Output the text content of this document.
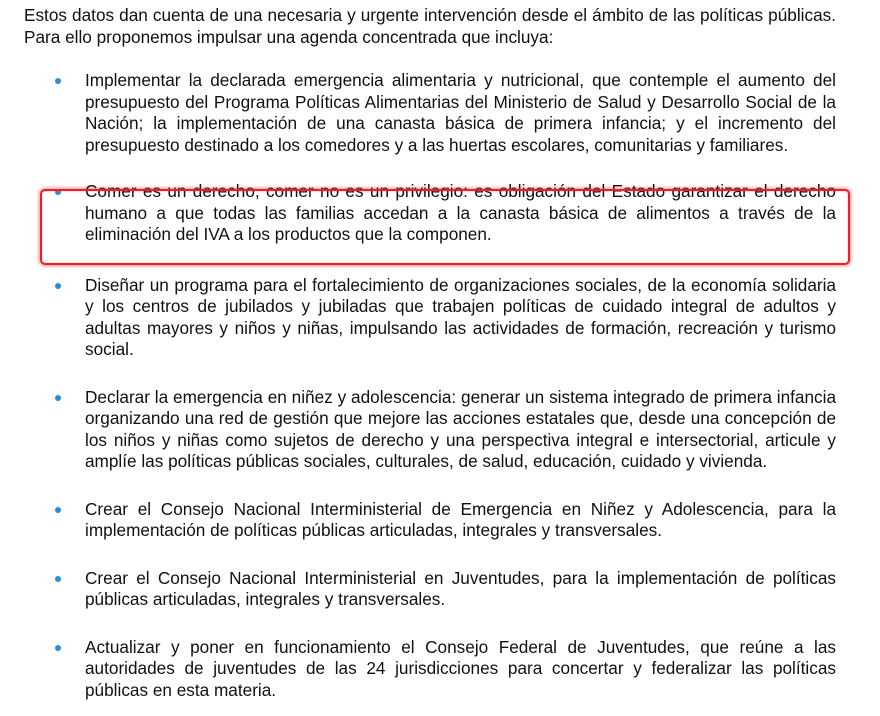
Estos datos dan cuenta de una necesaria y urgente intervención desde el ámbito de las políticas públicas. Para ello proponemos impulsar una agenda concentrada que incluya:

Implementar la declarada emergencia alimentaria y nutricional, que contemple el aumento del presupuesto del Programa Políticas Alimentarias del Ministerio de Salud y Desarrollo Social de la Nación; la implementación de una canasta básica de primera infancia; y el incremento del presupuesto destinado a los comedores y a las huertas escolares, comunitarias y familiares.
Comer es un derecho, comer no es un privilegio: es obligación del Estado garantizar el derecho humano a que todas las familias accedan a la canasta básica de alimentos a través de la eliminación del IVA a los productos que la componen.
Diseñar un programa para el fortalecimiento de organizaciones sociales, de la economía solidaria y los centros de jubilados y jubiladas que trabajen políticas de cuidado integral de adultos y adultas mayores y niños y niñas, impulsando las actividades de formación, recreación y turismo social.
Declarar la emergencia en niñez y adolescencia: generar un sistema integrado de primera infancia organizando una red de gestión que mejore las acciones estatales que, desde una concepción de los niños y niñas como sujetos de derecho y una perspectiva integral e intersectorial, articule y amplíe las políticas públicas sociales, culturales, de salud, educación, cuidado y vivienda.
Crear el Consejo Nacional Interministerial de Emergencia en Niñez y Adolescencia, para la implementación de políticas públicas articuladas, integrales y transversales.
Crear el Consejo Nacional Interministerial en Juventudes, para la implementación de políticas públicas articuladas, integrales y transversales.
Actualizar y poner en funcionamiento el Consejo Federal de Juventudes, que reúne a las autoridades de juventudes de las 24 jurisdicciones para concertar y federalizar las políticas públicas en esta materia.
